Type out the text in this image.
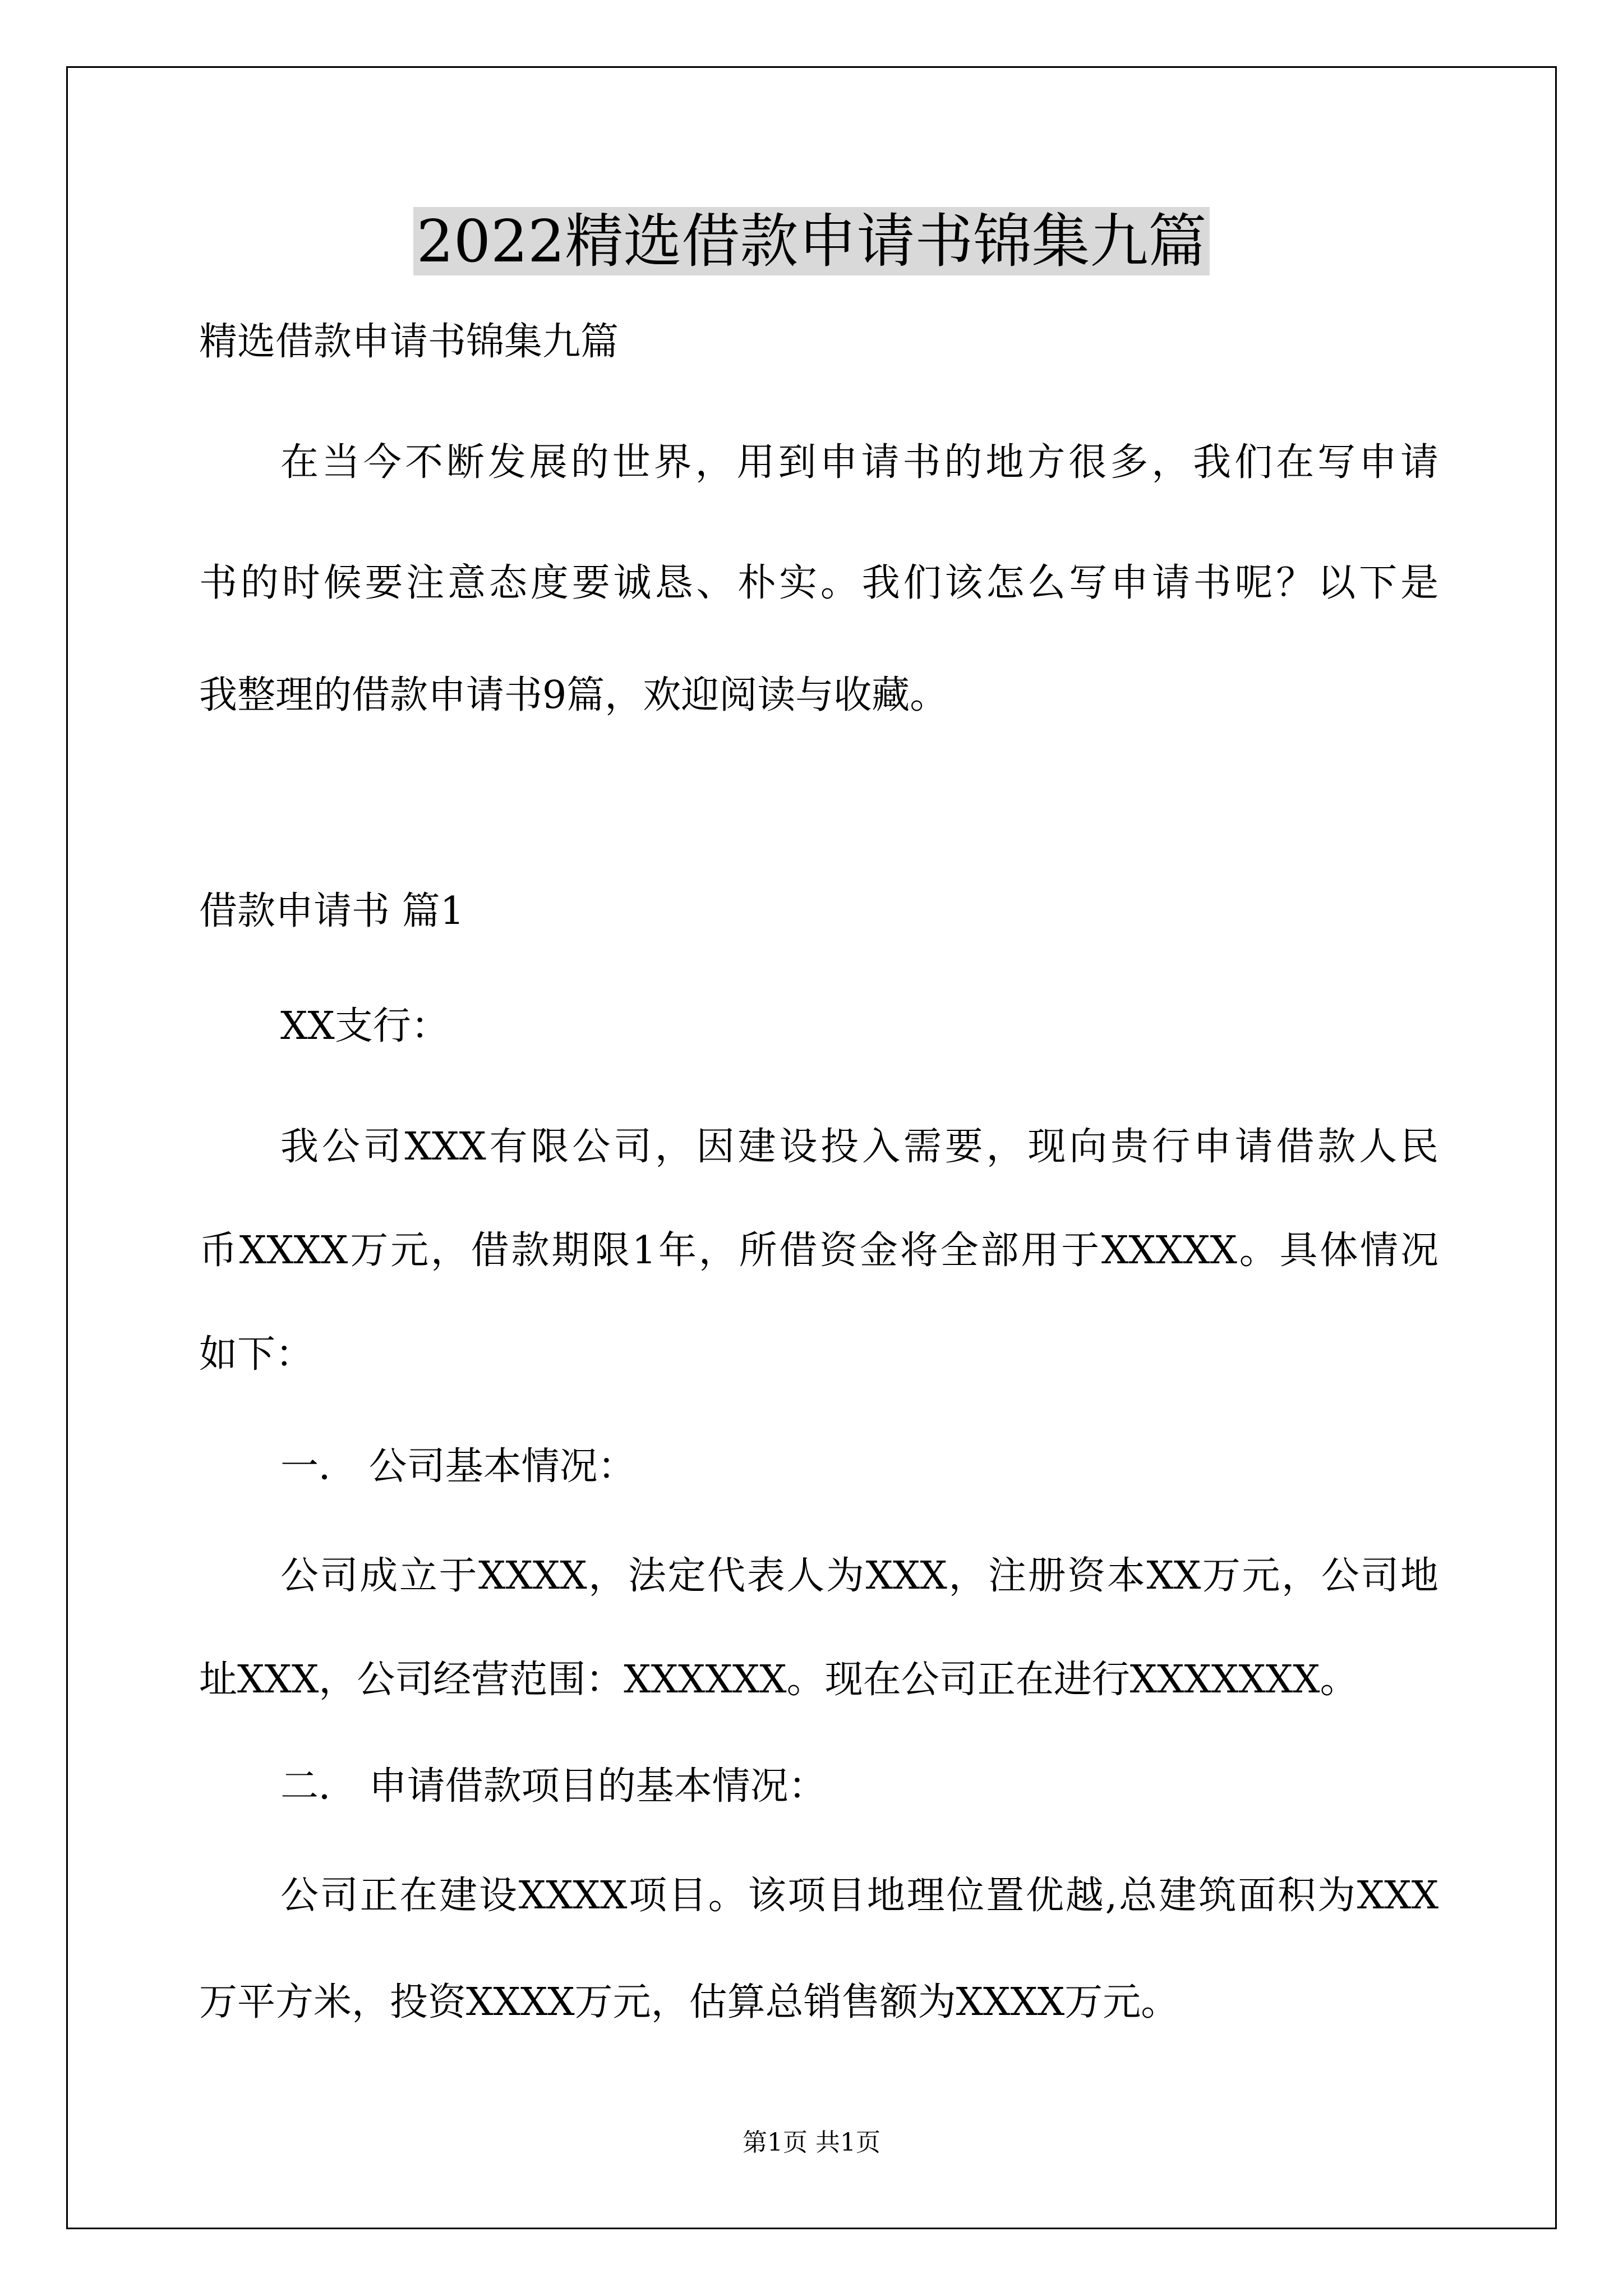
2022精选借款申请书锦集九篇
精选借款申请书锦集九篇
在当今不断发展的世界，用到申请书的地方很多，我们在写申请
书的时候要注意态度要诚恳、朴实。我们该怎么写申请书呢？以下是
我整理的借款申请书9篇，欢迎阅读与收藏。
借款申请书 篇1
XX支行：
我公司XXX有限公司，因建设投入需要，现向贵行申请借款人民
币XXXX万元，借款期限1年，所借资金将全部用于XXXXX。具体情况
如下：
一． 公司基本情况：
公司成立于XXXX，法定代表人为XXX，注册资本XX万元，公司地
址XXX，公司经营范围：XXXXXX。现在公司正在进行XXXXXXX。
二． 申请借款项目的基本情况：
公司正在建设XXXX项目。该项目地理位置优越,总建筑面积为XXX
万平方米，投资XXXX万元，估算总销售额为XXXX万元。
第1页 共1页
